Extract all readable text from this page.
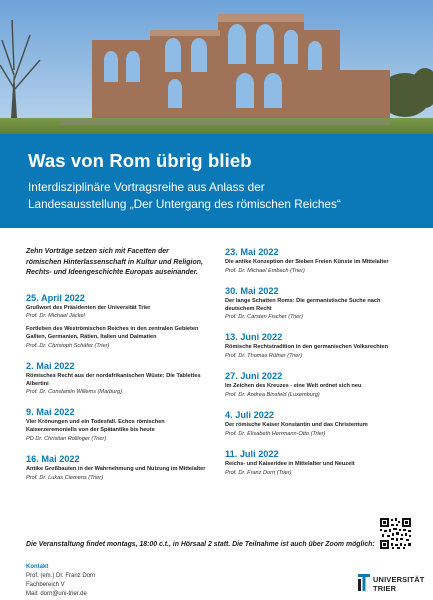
Was von Rom übrig blieb
Interdisziplinäre Vortragsreihe aus Anlass der
Landesausstellung „Der Untergang des römischen Reiches“

Zehn Vorträge setzen sich mit Facetten der römischen Hinterlassenschaft in Kultur und Religion, Rechts- und Ideengeschichte Europas auseinander.

25. April 2022
Grußwort des Präsidenten der Universität Trier
Prof. Dr. Michael Jäckel
Fortleben des Weströmischen Reiches in den zentralen Gebieten Gallien, Germanien, Rätien, Italien und Dalmatien
Prof. Dr. Christoph Schäfer (Trier)
2. Mai 2022
Römisches Recht aus der nordafrikanischen Wüste: Die Tablettes Albertini
Prof. Dr. Constantin Willems (Marburg)
9. Mai 2022
Vier Krönungen und ein Todesfall. Echos römischen Kaiserzeremoniells von der Spätantike bis heute
PD Dr. Christian Rollinger (Trier)
16. Mai 2022
Antike Großbauten in der Wahrnehmung und Nutzung im Mittelalter
Prof. Dr. Lukas Clemens (Trier)
23. Mai 2022
Die antike Konzeption der Sieben Freien Künste im Mittelalter
Prof. Dr. Michael Embach (Trier)
30. Mai 2022
Der lange Schatten Roms: Die germanistische Suche nach deutschem Recht
Prof. Dr. Carsten Fischer (Trier)
13. Juni 2022
Römische Rechtstradition in den germanischen Volksrechten
Prof. Dr. Thomas Rüfner (Trier)
27. Juni 2022
Im Zeichen des Kreuzes - eine Welt ordnet sich neu
Prof. Dr. Andrea Binsfeld (Luxemburg)
4. Juli 2022
Der römische Kaiser Konstantin und das Christentum
Prof. Dr. Elisabeth Herrmann-Otto (Trier)
11. Juli 2022
Reichs- und Kaiseridee in Mittelalter und Neuzeit
Prof. Dr. Franz Dorn (Trier)
Die Veranstaltung findet montags, 18:00 c.t., in Hörsaal 2 statt. Die Teilnahme ist auch über Zoom möglich:
Kontakt
Prof. (em.) Dr. Franz Dorn
Fachbereich V
Mail: dorn@uni-trier.de
UNIVERSITÄT
TRIER
